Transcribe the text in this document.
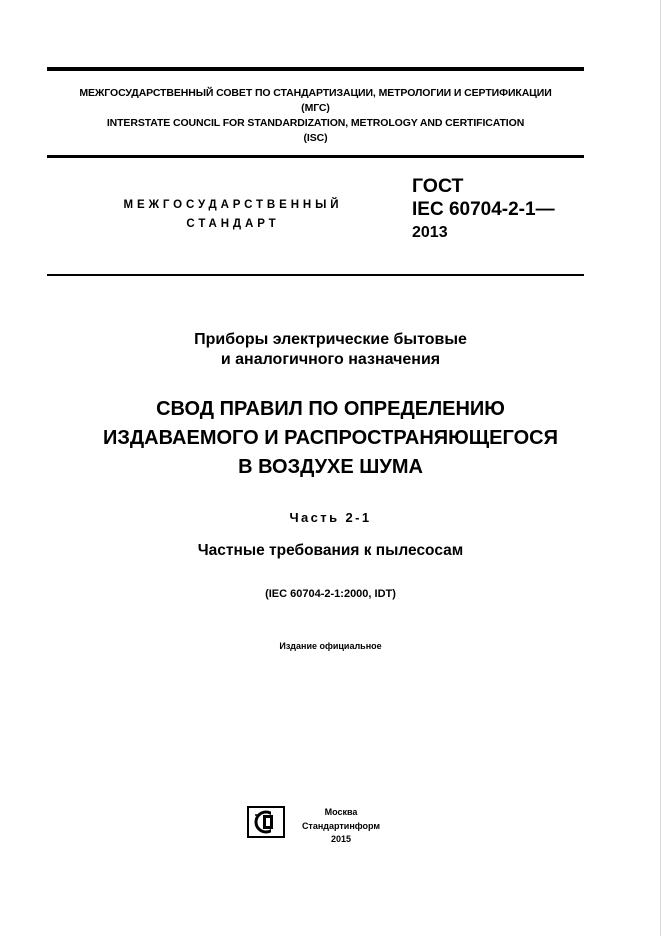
МЕЖГОСУДАРСТВЕННЫЙ СОВЕТ ПО СТАНДАРТИЗАЦИИ, МЕТРОЛОГИИ И СЕРТИФИКАЦИИ
(МГС)
INTERSTATE COUNCIL FOR STANDARDIZATION, METROLOGY AND CERTIFICATION
(ISC)
МЕЖГОСУДАРСТВЕННЫЙ
СТАНДАРТ
ГОСТ
IEC 60704-2-1—
2013
Приборы электрические бытовые
и аналогичного назначения
СВОД ПРАВИЛ ПО ОПРЕДЕЛЕНИЮ
ИЗДАВАЕМОГО И РАСПРОСТРАНЯЮЩЕГОСЯ
В ВОЗДУХЕ ШУМА
Часть 2-1
Частные требования к пылесосам
(IEC 60704-2-1:2000, IDT)
Издание официальное
Москва
Стандартинформ
2015
